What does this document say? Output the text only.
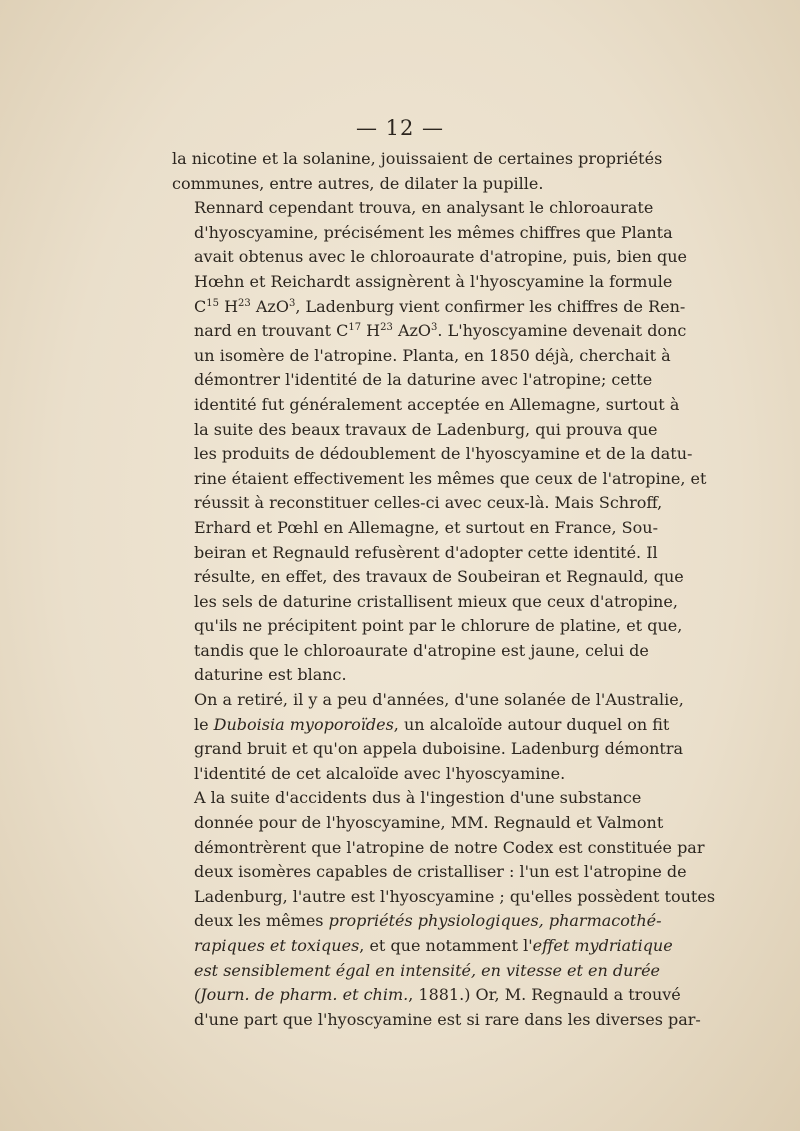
— 12 —

la nicotine et la solanine, jouissaient de certaines propriétés
communes, entre autres, de dilater la pupille.

Rennard cependant trouva, en analysant le chloroaurate
d'hyoscyamine, précisément les mêmes chiffres que Planta
avait obtenus avec le chloroaurate d'atropine, puis, bien que
Hœhn et Reichardt assignèrent à l'hyoscyamine la formule
$C^{15}$ $H^{23}$ AzO$^3$, Ladenburg vient confirmer les chiffres de Ren-
nard en trouvant $C^{17}$ $H^{23}$ AzO$^3$. L'hyoscyamine devenait donc
un isomère de l'atropine. Planta, en 1850 déjà, cherchait à
démontrer l'identité de la daturine avec l'atropine; cette
identité fut généralement acceptée en Allemagne, surtout à
la suite des beaux travaux de Ladenburg, qui prouva que
les produits de dédoublement de l'hyoscyamine et de la datu-
rine étaient effectivement les mêmes que ceux de l'atropine, et
réussit à reconstituer celles-ci avec ceux-là. Mais Schroff,
Erhard et Pœhl en Allemagne, et surtout en France, Sou-
beiran et Regnauld refusèrent d'adopter cette identité. Il
résulte, en effet, des travaux de Soubeiran et Regnauld, que
les sels de daturine cristallisent mieux que ceux d'atropine,
qu'ils ne précipitent point par le chlorure de platine, et que,
tandis que le chloroaurate d'atropine est jaune, celui de
daturine est blanc.

On a retiré, il y a peu d'années, d'une solanée de l'Australie,
le Duboisia myoporoïdes, un alcaloïde autour duquel on fit
grand bruit et qu'on appela duboisine. Ladenburg démontra
l'identité de cet alcaloïde avec l'hyoscyamine.

A la suite d'accidents dus à l'ingestion d'une substance
donnée pour de l'hyoscyamine, MM. Regnauld et Valmont
démontrèrent que l'atropine de notre Codex est constituée par
deux isomères capables de cristalliser : l'un est l'atropine de
Ladenburg, l'autre est l'hyoscyamine ; qu'elles possèdent toutes
deux les mêmes propriétés physiologiques, pharmacothé-
rapiques et toxiques, et que notamment l'effet mydriatique
est sensiblement égal en intensité, en vitesse et en durée
(Journ. de pharm. et chim., 1881.) Or, M. Regnauld a trouvé
d'une part que l'hyoscyamine est si rare dans les diverses par-
